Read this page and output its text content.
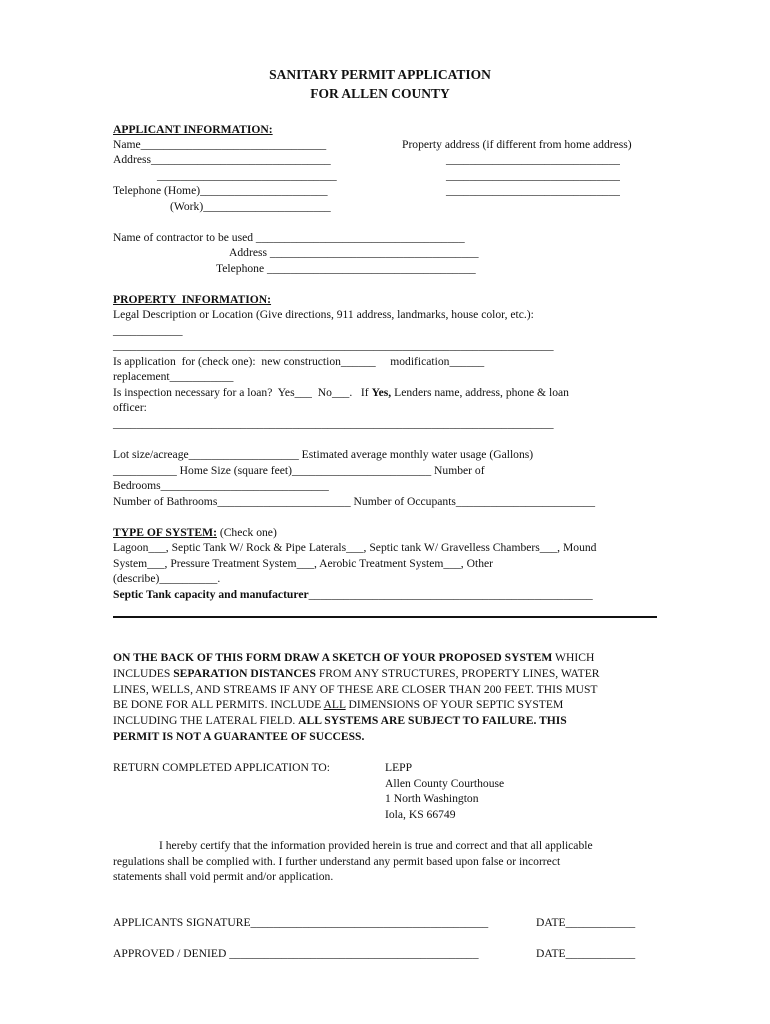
SANITARY PERMIT APPLICATION
FOR ALLEN COUNTY
APPLICANT INFORMATION:
Name________________________________
Address_______________________________
_______________________________
Telephone (Home)______________________
(Work)______________________
Property address (if different from home address)
______________________________
______________________________
______________________________
Name of contractor to be used ____________________________________
Address ____________________________________
Telephone ____________________________________
PROPERTY  INFORMATION:
Legal Description or Location (Give directions, 911 address, landmarks, house color, etc.):
____________
____________________________________________________________________________
Is application  for (check one):  new construction______     modification______
replacement___________
Is inspection necessary for a loan?  Yes___  No___.   If Yes, Lenders name, address, phone & loan
officer:
____________________________________________________________________________
Lot size/acreage___________________ Estimated average monthly water usage (Gallons)
___________ Home Size (square feet)________________________ Number of
Bedrooms_____________________________
Number of Bathrooms_______________________ Number of Occupants________________________
TYPE OF SYSTEM: (Check one)
Lagoon___, Septic Tank W/ Rock & Pipe Laterals___, Septic tank W/ Gravelless Chambers___, Mound
System___, Pressure Treatment System___, Aerobic Treatment System___, Other
(describe)__________.
Septic Tank capacity and manufacturer_________________________________________________
ON THE BACK OF THIS FORM DRAW A SKETCH OF YOUR PROPOSED SYSTEM WHICH
INCLUDES SEPARATION DISTANCES FROM ANY STRUCTURES, PROPERTY LINES, WATER
LINES, WELLS, AND STREAMS IF ANY OF THESE ARE CLOSER THAN 200 FEET. THIS MUST
BE DONE FOR ALL PERMITS. INCLUDE ALL DIMENSIONS OF YOUR SEPTIC SYSTEM
INCLUDING THE LATERAL FIELD. ALL SYSTEMS ARE SUBJECT TO FAILURE. THIS
PERMIT IS NOT A GUARANTEE OF SUCCESS.
RETURN COMPLETED APPLICATION TO:	LEPP
Allen County Courthouse
1 North Washington
Iola, KS 66749
I hereby certify that the information provided herein is true and correct and that all applicable
regulations shall be complied with. I further understand any permit based upon false or incorrect
statements shall void permit and/or application.
APPLICANTS SIGNATURE_________________________________________	DATE____________
APPROVED / DENIED ___________________________________________	DATE____________
